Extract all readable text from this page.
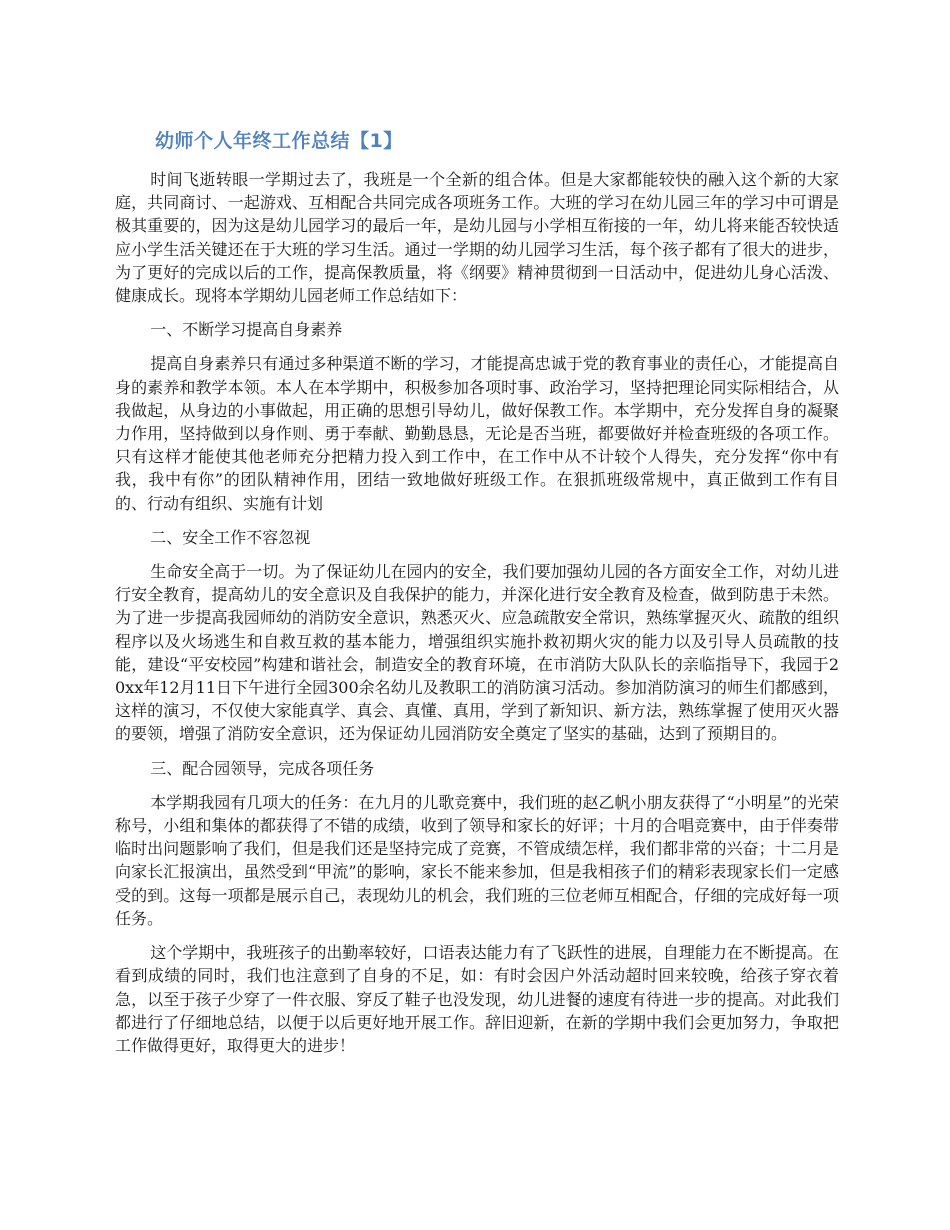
幼师个人年终工作总结【1】

时间飞逝转眼一学期过去了，我班是一个全新的组合体。但是大家都能较快的融入这个新的大家庭，共同商讨、一起游戏、互相配合共同完成各项班务工作。大班的学习在幼儿园三年的学习中可谓是极其重要的，因为这是幼儿园学习的最后一年，是幼儿园与小学相互衔接的一年，幼儿将来能否较快适应小学生活关键还在于大班的学习生活。通过一学期的幼儿园学习生活，每个孩子都有了很大的进步，为了更好的完成以后的工作，提高保教质量，将《纲要》精神贯彻到一日活动中，促进幼儿身心活泼、健康成长。现将本学期幼儿园老师工作总结如下：

一、不断学习提高自身素养

提高自身素养只有通过多种渠道不断的学习，才能提高忠诚于党的教育事业的责任心，才能提高自身的素养和教学本领。本人在本学期中，积极参加各项时事、政治学习，坚持把理论同实际相结合，从我做起，从身边的小事做起，用正确的思想引导幼儿，做好保教工作。本学期中，充分发挥自身的凝聚力作用，坚持做到以身作则、勇于奉献、勤勤恳恳，无论是否当班，都要做好并检查班级的各项工作。只有这样才能使其他老师充分把精力投入到工作中，在工作中从不计较个人得失，充分发挥“你中有我，我中有你”的团队精神作用，团结一致地做好班级工作。在狠抓班级常规中，真正做到工作有目的、行动有组织、实施有计划

二、安全工作不容忽视

生命安全高于一切。为了保证幼儿在园内的安全，我们要加强幼儿园的各方面安全工作，对幼儿进行安全教育，提高幼儿的安全意识及自我保护的能力，并深化进行安全教育及检查，做到防患于未然。为了进一步提高我园师幼的消防安全意识，熟悉灭火、应急疏散安全常识，熟练掌握灭火、疏散的组织程序以及火场逃生和自救互救的基本能力，增强组织实施扑救初期火灾的能力以及引导人员疏散的技能，建设“平安校园”构建和谐社会，制造安全的教育环境，在市消防大队队长的亲临指导下，我园于20xx年12月11日下午进行全园300余名幼儿及教职工的消防演习活动。参加消防演习的师生们都感到，这样的演习，不仅使大家能真学、真会、真懂、真用，学到了新知识、新方法，熟练掌握了使用灭火器的要领，增强了消防安全意识，还为保证幼儿园消防安全奠定了坚实的基础，达到了预期目的。

三、配合园领导，完成各项任务

本学期我园有几项大的任务：在九月的儿歌竞赛中，我们班的赵乙帆小朋友获得了“小明星”的光荣称号，小组和集体的都获得了不错的成绩，收到了领导和家长的好评；十月的合唱竞赛中，由于伴奏带临时出问题影响了我们，但是我们还是坚持完成了竞赛，不管成绩怎样，我们都非常的兴奋；十二月是向家长汇报演出，虽然受到“甲流”的影响，家长不能来参加，但是我相孩子们的精彩表现家长们一定感受的到。这每一项都是展示自己，表现幼儿的机会，我们班的三位老师互相配合，仔细的完成好每一项任务。

这个学期中，我班孩子的出勤率较好，口语表达能力有了飞跃性的进展，自理能力在不断提高。在看到成绩的同时，我们也注意到了自身的不足，如：有时会因户外活动超时回来较晚，给孩子穿衣着急，以至于孩子少穿了一件衣服、穿反了鞋子也没发现，幼儿进餐的速度有待进一步的提高。对此我们都进行了仔细地总结，以便于以后更好地开展工作。辞旧迎新，在新的学期中我们会更加努力，争取把工作做得更好，取得更大的进步！
